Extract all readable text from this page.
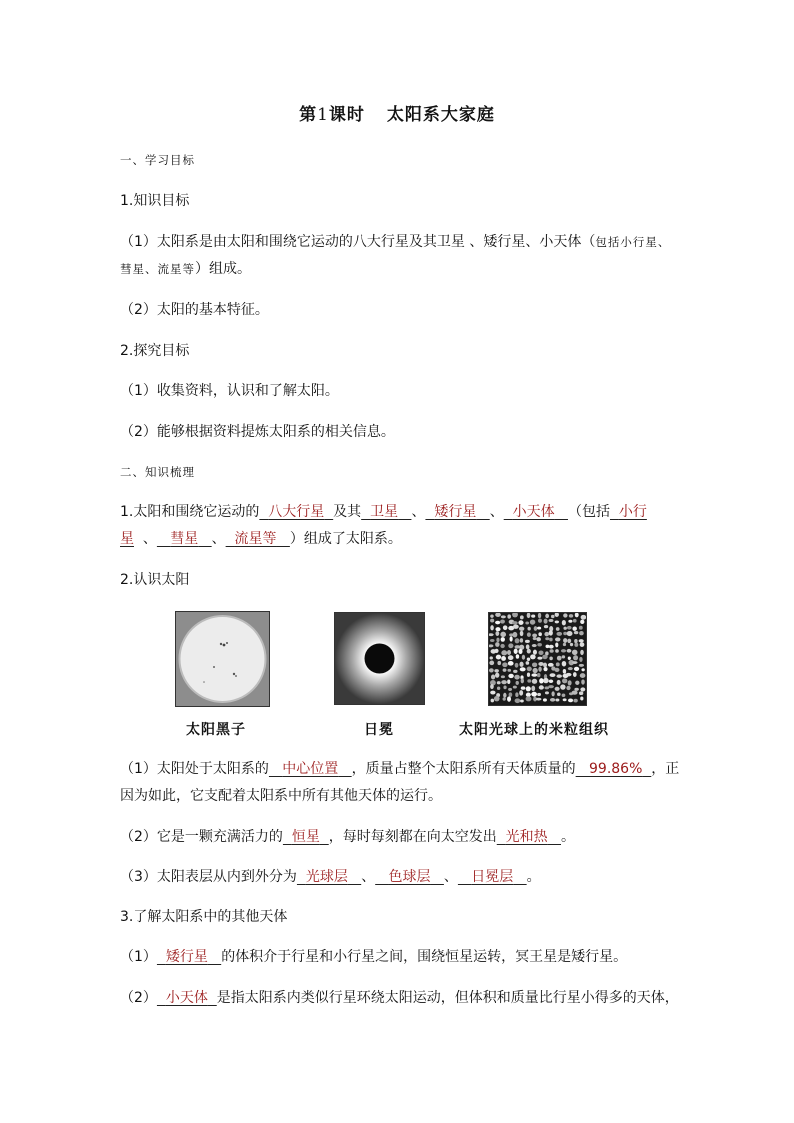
第1课时 太阳系大家庭
一、学习目标
1.知识目标
（1）太阳系是由太阳和围绕它运动的八大行星及其卫星 、矮行星、小天体（包括小行星、
彗星、流星等）组成。
（2）太阳的基本特征。
2.探究目标
（1）收集资料，认识和了解太阳。
（2）能够根据资料提炼太阳系的相关信息。
二、知识梳理
1.太阳和围绕它运动的 八大行星 及其 卫星 、 矮行星 、 小天体 （包括 小行
星 、 彗星 、 流星等 ）组成了太阳系。
2.认识太阳
太阳黑子	日冕	太阳光球上的米粒组织
（1）太阳处于太阳系的 中心位置 ，质量占整个太阳系所有天体质量的 99.86% ，正
因为如此，它支配着太阳系中所有其他天体的运行。
（2）它是一颗充满活力的 恒星 ，每时每刻都在向太空发出 光和热 。
（3）太阳表层从内到外分为 光球层 、 色球层 、 日冕层 。
3.了解太阳系中的其他天体
（1） 矮行星 的体积介于行星和小行星之间，围绕恒星运转，冥王星是矮行星。
（2） 小天体 是指太阳系内类似行星环绕太阳运动，但体积和质量比行星小得多的天体，
